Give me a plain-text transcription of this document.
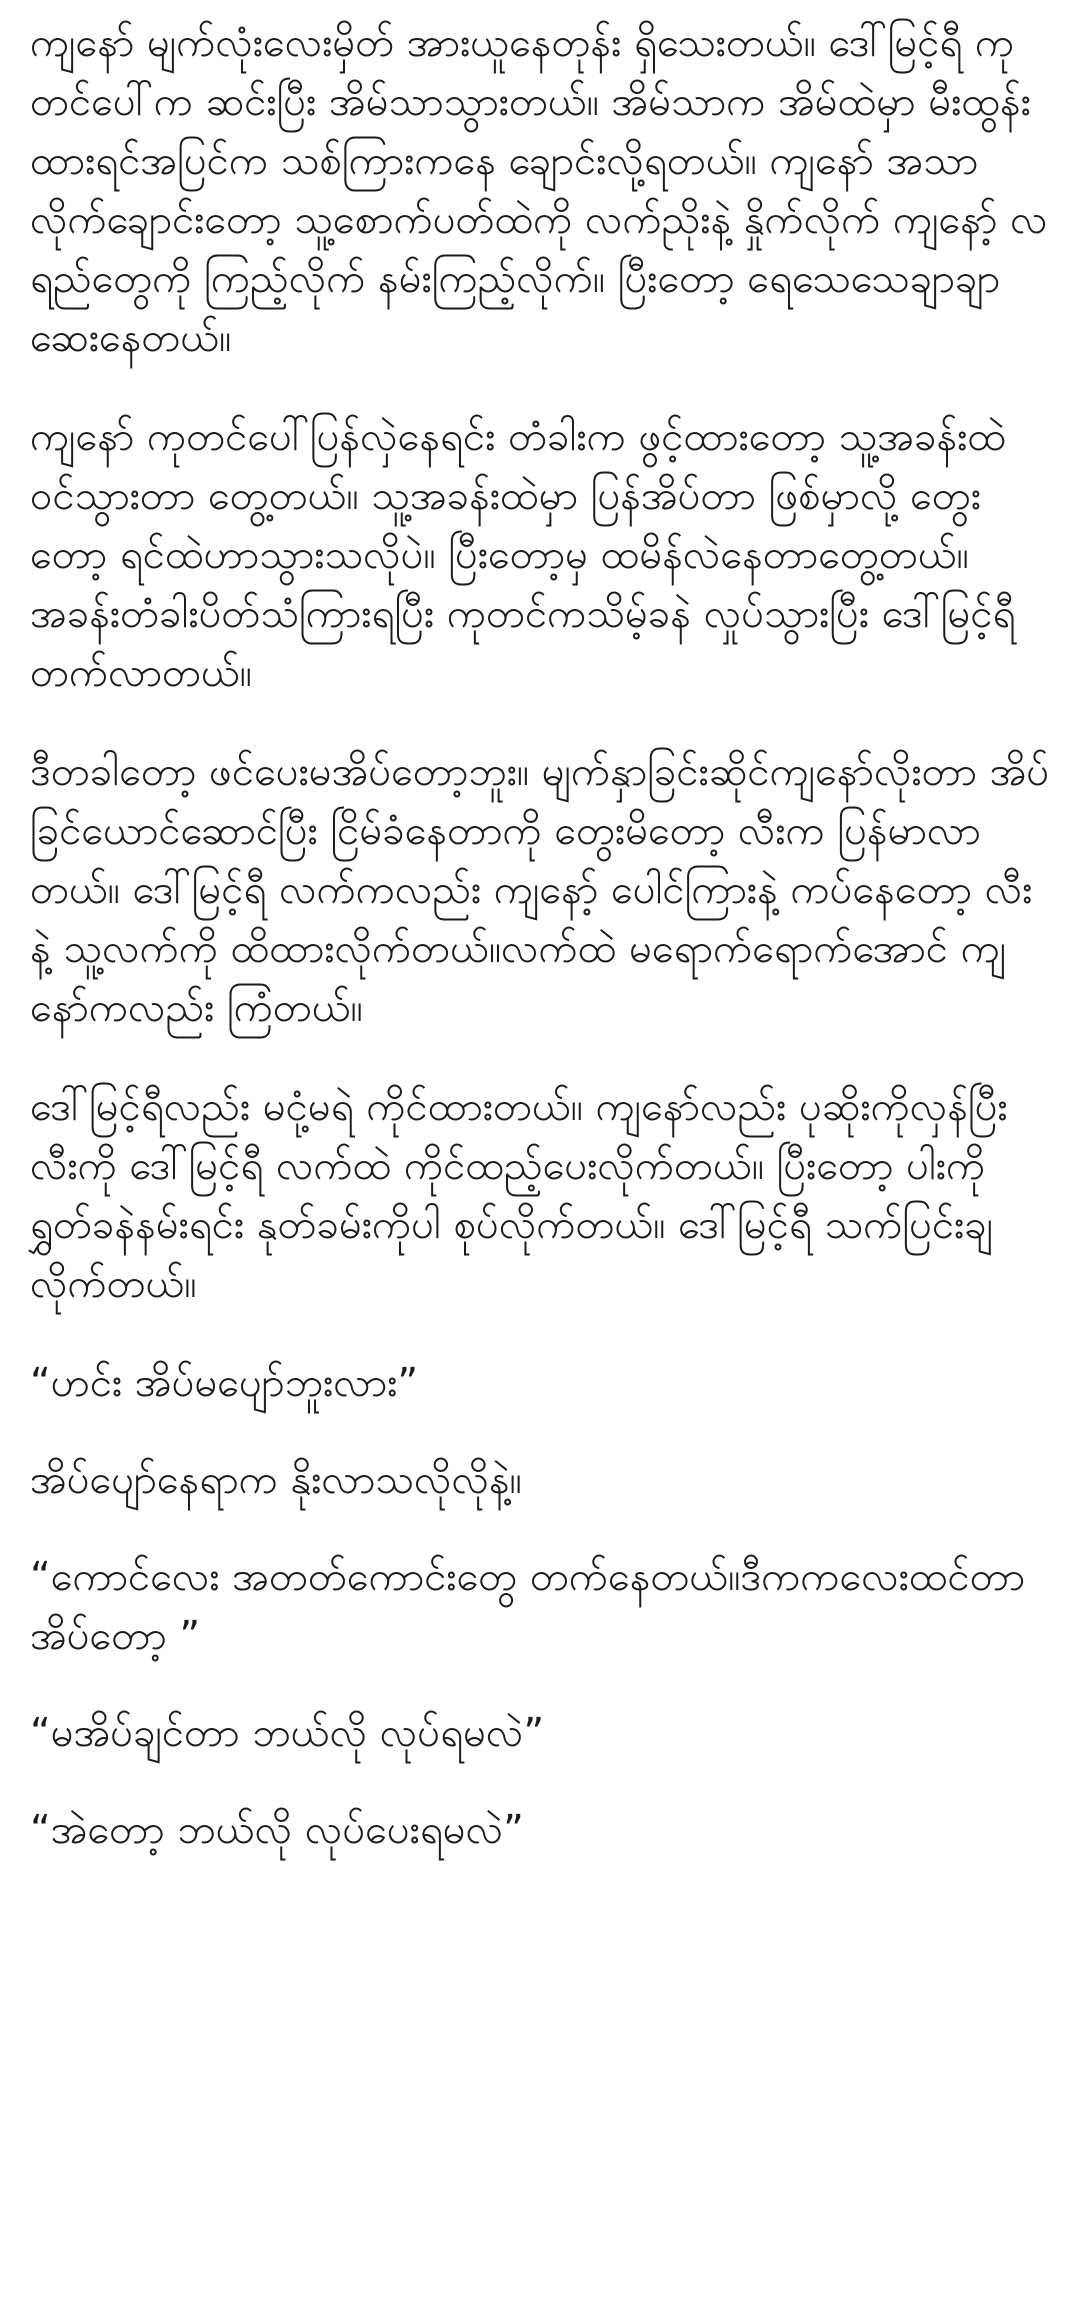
ကျနော် မျက်လုံးလေးမှိတ် အားယူနေတုန်း ရှိသေးတယ်။ ဒေါ်မြင့်ရီ ကုတင်ပေါ်က ဆင်းပြီး အိမ်သာသွားတယ်။ အိမ်သာက အိမ်ထဲမှာ မီးထွန်းထားရင်အပြင်က သစ်ကြားကနေ ချောင်းလို့ရတယ်။ ကျနော် အသာလိုက်ချောင်းတော့ သူ့စောက်ပတ်ထဲကို လက်ညိုးနဲ့ နှိုက်လိုက် ကျနော့် လရည်တွေကို ကြည့်လိုက် နမ်းကြည့်လိုက်။ ပြီးတော့ ရေသေသေချာချာ ဆေးနေတယ်။

ကျနော် ကုတင်ပေါ်ပြန်လှဲနေရင်း တံခါးက ဖွင့်ထားတော့ သူ့အခန်းထဲ ဝင်သွားတာ တွေ့တယ်။ သူ့အခန်းထဲမှာ ပြန်အိပ်တာ ဖြစ်မှာလို့ တွေးတော့ ရင်ထဲဟာသွားသလိုပဲ။ ပြီးတော့မှ ထမိန်လဲနေတာတွေ့တယ်။ အခန်းတံခါးပိတ်သံကြားရပြီး ကုတင်ကသိမ့်ခနဲ လှုပ်သွားပြီး ဒေါ်မြင့်ရီ တက်လာတယ်။

ဒီတခါတော့ ဖင်ပေးမအိပ်တော့ဘူး။ မျက်နှာခြင်းဆိုင်ကျနော်လိုးတာ အိပ်ခြင်ယောင်ဆောင်ပြီး ငြိမ်ခံနေတာကို တွေးမိတော့ လီးက ပြန်မာလာတယ်။ ဒေါ်မြင့်ရီ လက်ကလည်း ကျနော့် ပေါင်ကြားနဲ့ ကပ်နေတော့ လီးနဲ့ သူ့လက်ကို ထိထားလိုက်တယ်။လက်ထဲ မရောက်ရောက်အောင် ကျနော်ကလည်း ကြံတယ်။

ဒေါ်မြင့်ရီလည်း မငုံ့မရဲ ကိုင်ထားတယ်။ ကျနော်လည်း ပုဆိုးကိုလှန်ပြီး လီးကို ဒေါ်မြင့်ရီ လက်ထဲ ကိုင်ထည့်ပေးလိုက်တယ်။ ပြီးတော့ ပါးကို ရွှတ်ခနဲနမ်းရင်း နုတ်ခမ်းကိုပါ စုပ်လိုက်တယ်။ ဒေါ်မြင့်ရီ သက်ပြင်းချလိုက်တယ်။

“ဟင်း အိပ်မပျော်ဘူးလား”

အိပ်ပျော်နေရာက နိုးလာသလိုလိုနဲ့။

“ကောင်လေး အတတ်ကောင်းတွေ တက်နေတယ်။ဒီကကလေးထင်တာ အိပ်တော့ ”

“မအိပ်ချင်တာ ဘယ်လို လုပ်ရမလဲ”

“အဲတော့ ဘယ်လို လုပ်ပေးရမလဲ”
